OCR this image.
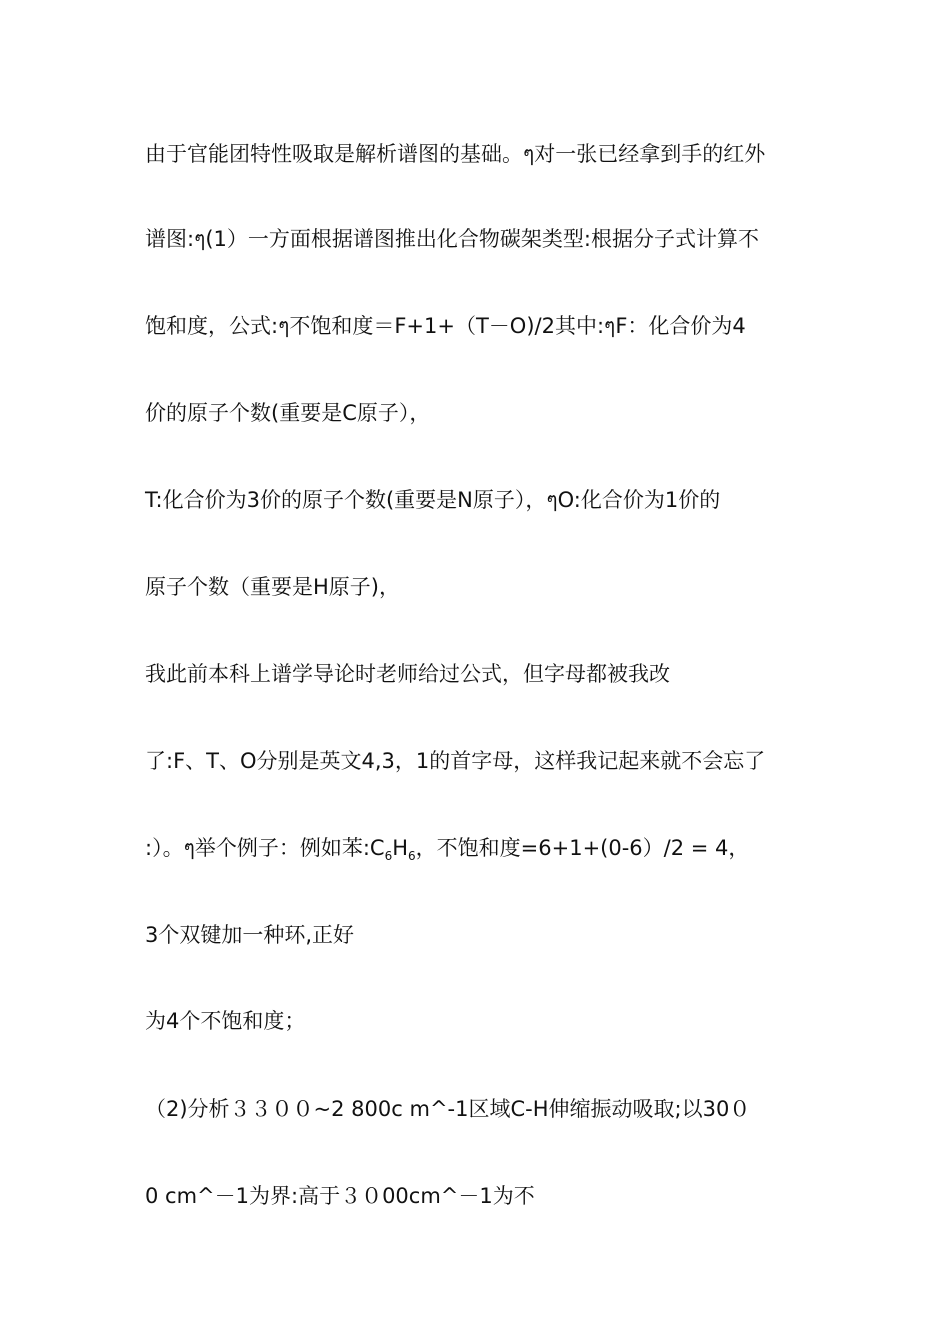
由于官能团特性吸取是解析谱图的基础。ๆ对一张已经拿到手的红外
谱图:ๆ(1）一方面根据谱图推出化合物碳架类型:根据分子式计算不
饱和度，公式:ๆ不饱和度＝F+1+（T－O)/2其中:ๆF：化合价为4
价的原子个数(重要是C原子），
T:化合价为3价的原子个数(重要是N原子），ๆO:化合价为1价的
原子个数（重要是H原子)，
我此前本科上谱学导论时老师给过公式，但字母都被我改
了:F、T、O分别是英文4,3，1的首字母，这样我记起来就不会忘了
:）。ๆ举个例子：例如苯$:C_6H_6$，不饱和度=6+1+(0-6）/2 = 4，
3个双键加一种环,正好
为4个不饱和度；
（2)分析３３００~2 800c m^-1区域C-H伸缩振动吸取;以30０
0 cm^－1为界:高于３０00cm^－1为不
